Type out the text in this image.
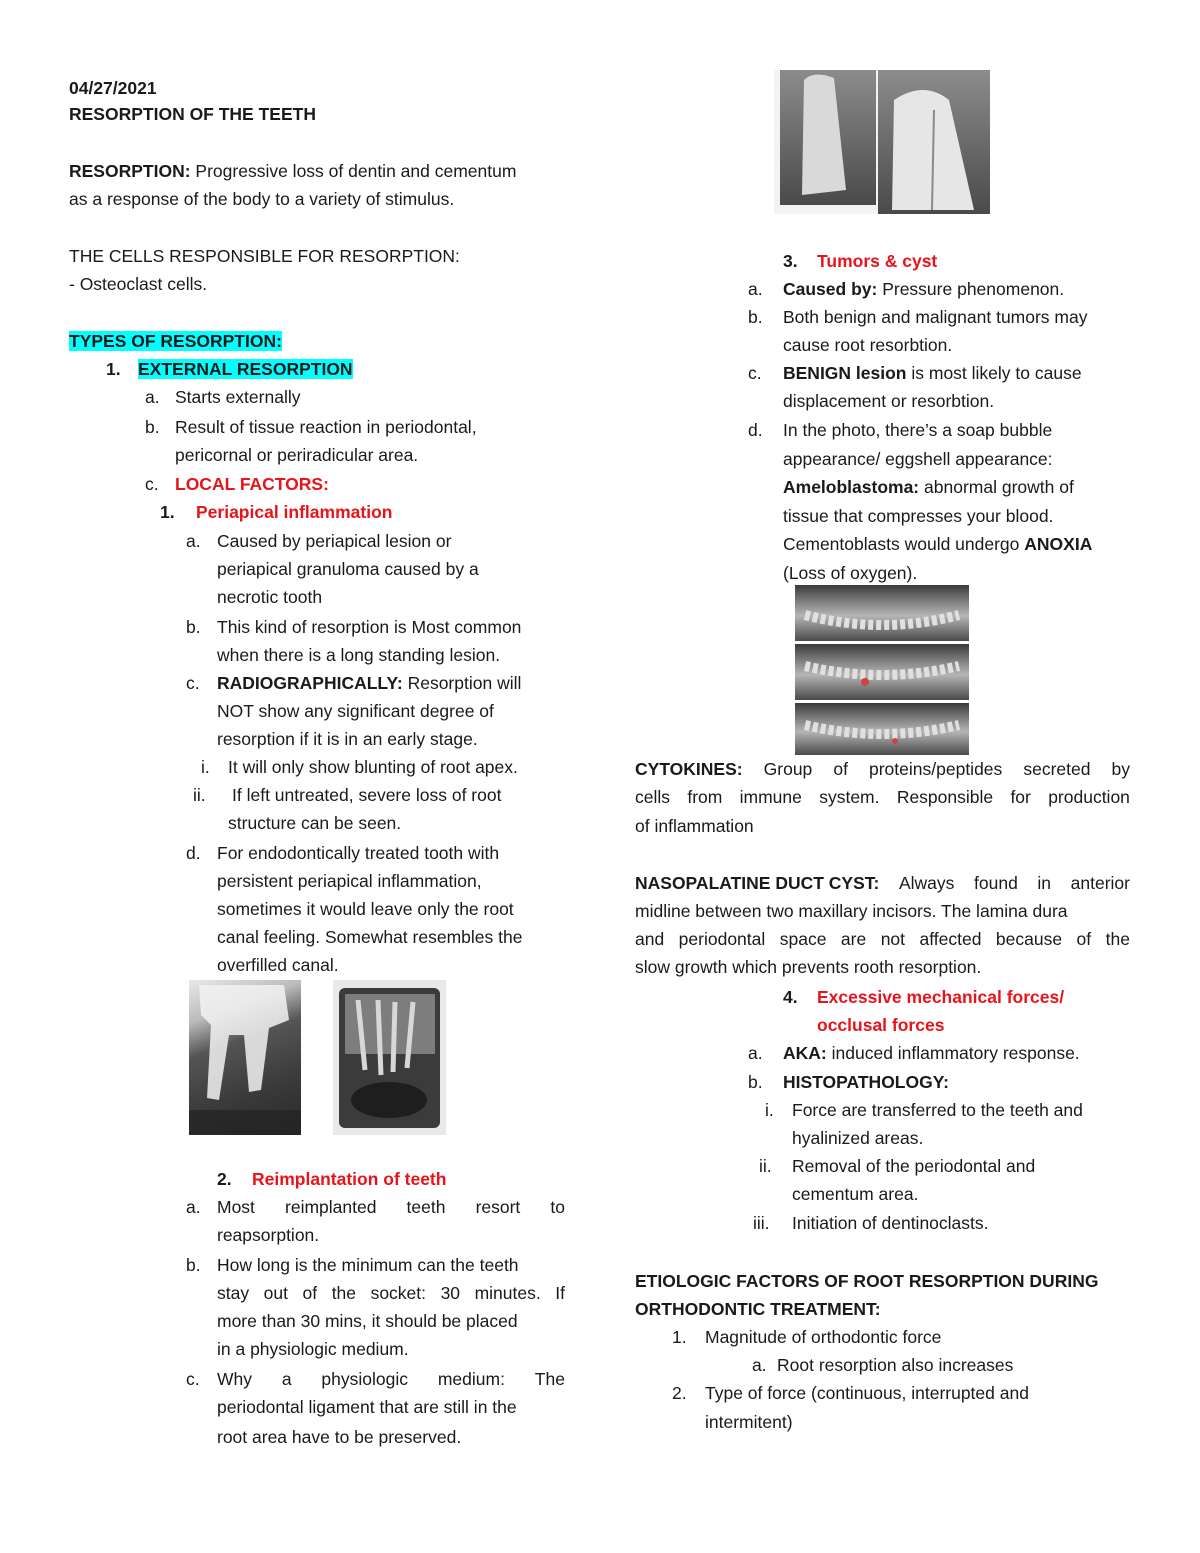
04/27/2021
RESORPTION OF THE TEETH
RESORPTION: Progressive loss of dentin and cementum
as a response of the body to a variety of stimulus.
THE CELLS RESPONSIBLE FOR RESORPTION:
- Osteoclast cells.
TYPES OF RESORPTION:
1. EXTERNAL RESORPTION
a. Starts externally
b. Result of tissue reaction in periodontal,
pericornal or periradicular area.
c. LOCAL FACTORS:
1. Periapical inflammation
a. Caused by periapical lesion or
periapical granuloma caused by a
necrotic tooth
b. This kind of resorption is Most common
when there is a long standing lesion.
c. RADIOGRAPHICALLY: Resorption will
NOT show any significant degree of
resorption if it is in an early stage.
i. It will only show blunting of root apex.
ii. If left untreated, severe loss of root
structure can be seen.
d. For endodontically treated tooth with
persistent periapical inflammation,
sometimes it would leave only the root
canal feeling. Somewhat resembles the
overfilled canal.
2. Reimplantation of teeth
a. Most reimplanted teeth resort to
reapsorption.
b. How long is the minimum can the teeth
stay out of the socket: 30 minutes. If
more than 30 mins, it should be placed
in a physiologic medium.
c. Why a physiologic medium: The
periodontal ligament that are still in the
root area have to be preserved.
3. Tumors & cyst
a. Caused by: Pressure phenomenon.
b. Both benign and malignant tumors may
cause root resorbtion.
c. BENIGN lesion is most likely to cause
displacement or resorbtion.
d. In the photo, there’s a soap bubble
appearance/ eggshell appearance:
Ameloblastoma: abnormal growth of
tissue that compresses your blood.
Cementoblasts would undergo ANOXIA
(Loss of oxygen).
CYTOKINES: Group of proteins/peptides secreted by
cells from immune system. Responsible for production
of inflammation
NASOPALATINE DUCT CYST: Always found in anterior
midline between two maxillary incisors. The lamina dura
and periodontal space are not affected because of the
slow growth which prevents rooth resorption.
4. Excessive mechanical forces/
occlusal forces
a. AKA: induced inflammatory response.
b. HISTOPATHOLOGY:
i. Force are transferred to the teeth and
hyalinized areas.
ii. Removal of the periodontal and
cementum area.
iii. Initiation of dentinoclasts.
ETIOLOGIC FACTORS OF ROOT RESORPTION DURING
ORTHODONTIC TREATMENT:
1. Magnitude of orthodontic force
a. Root resorption also increases
2. Type of force (continuous, interrupted and
intermitent)
